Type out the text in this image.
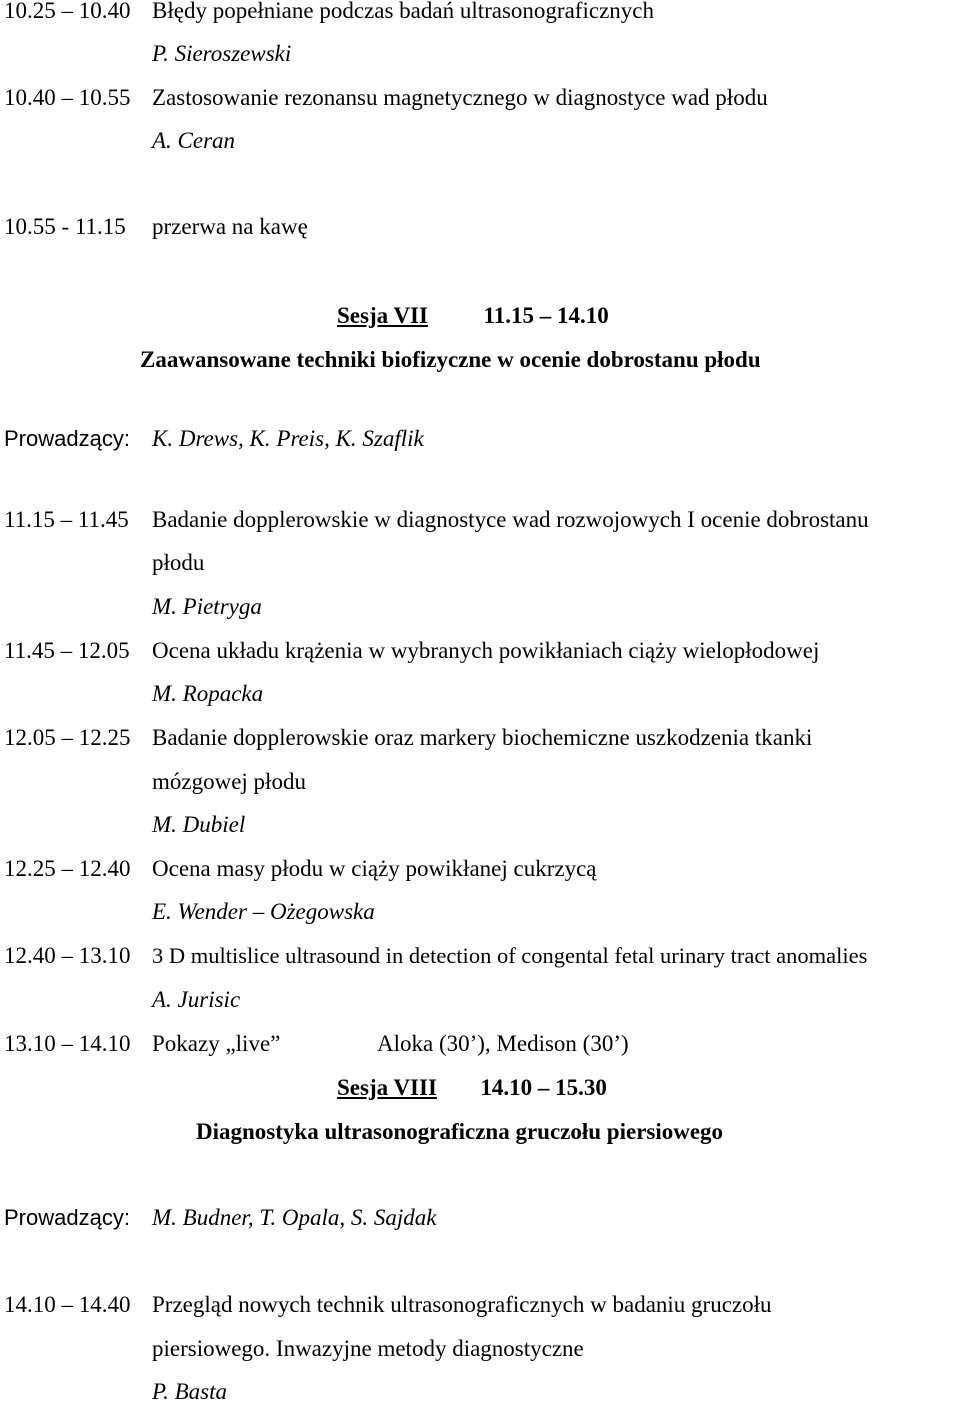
10.25 – 10.40 Błędy popełniane podczas badań ultrasonograficznych
P. Sieroszewski
10.40 – 10.55 Zastosowanie rezonansu magnetycznego w diagnostyce wad płodu
A. Ceran
10.55 - 11.15 przerwa na kawę
Sesja VII 11.15 – 14.10
Zaawansowane techniki biofizyczne w ocenie dobrostanu płodu
Prowadzący: K. Drews, K. Preis, K. Szaflik
11.15 – 11.45 Badanie dopplerowskie w diagnostyce wad rozwojowych I ocenie dobrostanu
płodu
M. Pietryga
11.45 – 12.05 Ocena układu krążenia w wybranych powikłaniach ciąży wielopłodowej
M. Ropacka
12.05 – 12.25 Badanie dopplerowskie oraz markery biochemiczne uszkodzenia tkanki
mózgowej płodu
M. Dubiel
12.25 – 12.40 Ocena masy płodu w ciąży powikłanej cukrzycą
E. Wender – Ożegowska
12.40 – 13.10 3 D multislice ultrasound in detection of congental fetal urinary tract anomalies
A. Jurisic
13.10 – 14.10 Pokazy „live”	Aloka (30’), Medison (30’)
Sesja VIII 14.10 – 15.30
Diagnostyka ultrasonograficzna gruczołu piersiowego
Prowadzący: M. Budner, T. Opala, S. Sajdak
14.10 – 14.40 Przegląd nowych technik ultrasonograficznych w badaniu gruczołu
piersiowego. Inwazyjne metody diagnostyczne
P. Basta
